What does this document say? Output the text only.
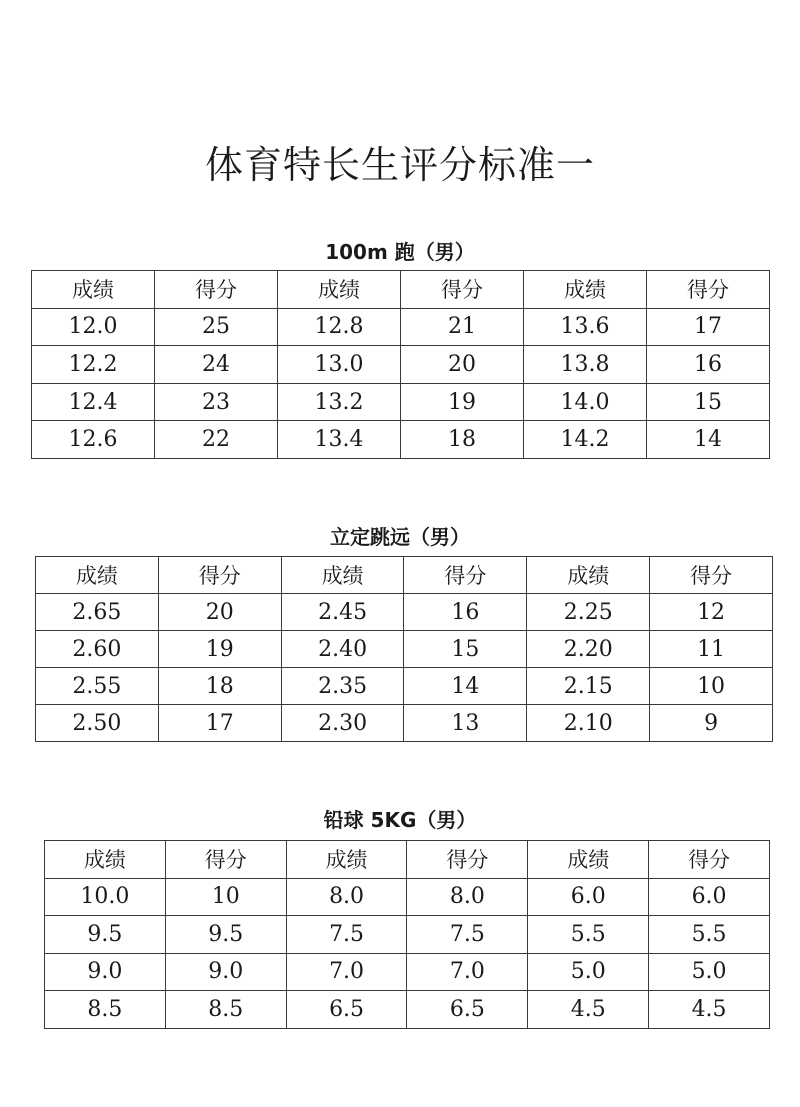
体育特长生评分标准一
100m 跑（男）
成绩	得分	成绩	得分	成绩	得分
12.0	25	12.8	21	13.6	17
12.2	24	13.0	20	13.8	16
12.4	23	13.2	19	14.0	15
12.6	22	13.4	18	14.2	14
立定跳远（男）
成绩	得分	成绩	得分	成绩	得分
2.65	20	2.45	16	2.25	12
2.60	19	2.40	15	2.20	11
2.55	18	2.35	14	2.15	10
2.50	17	2.30	13	2.10	9
铅球 5KG（男）
成绩	得分	成绩	得分	成绩	得分
10.0	10	8.0	8.0	6.0	6.0
9.5	9.5	7.5	7.5	5.5	5.5
9.0	9.0	7.0	7.0	5.0	5.0
8.5	8.5	6.5	6.5	4.5	4.5
